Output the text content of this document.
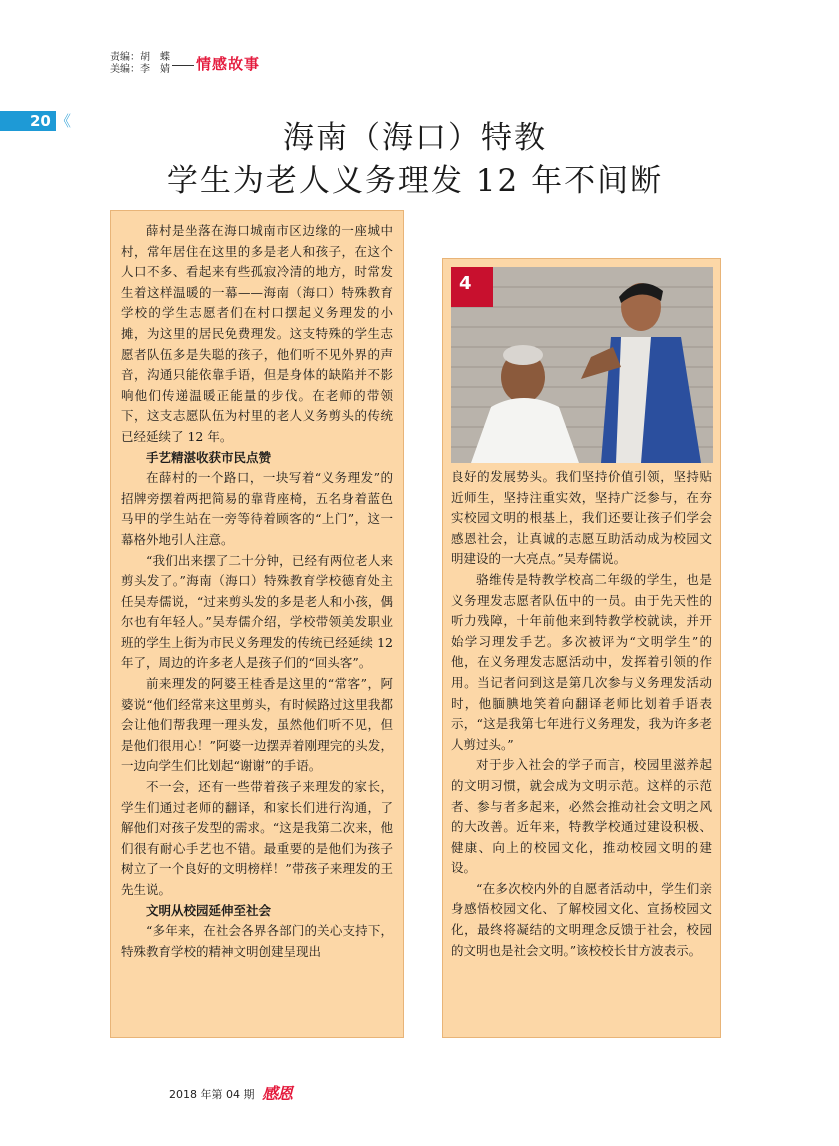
责编：胡　蝶
美编：李　婧 情感故事
20 《	海南（海口）特教
学生为老人义务理发 12 年不间断

薛村是坐落在海口城南市区边缘的一座城中村，常年居住在这里的多是老人和孩子，在这个人口不多、看起来有些孤寂冷清的地方，时常发生着这样温暖的一幕——海南（海口）特殊教育学校的学生志愿者们在村口摆起义务理发的小摊，为这里的居民免费理发。这支特殊的学生志愿者队伍多是失聪的孩子，他们听不见外界的声音，沟通只能依靠手语，但是身体的缺陷并不影响他们传递温暖正能量的步伐。在老师的带领下，这支志愿队伍为村里的老人义务剪头的传统已经延续了 12 年。

手艺精湛收获市民点赞

在薛村的一个路口，一块写着“义务理发”的招牌旁摆着两把简易的靠背座椅，五名身着蓝色马甲的学生站在一旁等待着顾客的“上门”，这一幕格外地引人注意。

“我们出来摆了二十分钟，已经有两位老人来剪头发了。”海南（海口）特殊教育学校德育处主任吴寿儒说，“过来剪头发的多是老人和小孩，偶尔也有年轻人。”吴寿儒介绍，学校带领美发职业班的学生上街为市民义务理发的传统已经延续 12 年了，周边的许多老人是孩子们的“回头客”。

前来理发的阿婆王桂香是这里的“常客”，阿婆说“他们经常来这里剪头，有时候路过这里我都会让他们帮我理一理头发，虽然他们听不见，但是他们很用心！”阿婆一边摆弄着刚理完的头发，一边向学生们比划起“谢谢”的手语。

不一会，还有一些带着孩子来理发的家长，学生们通过老师的翻译，和家长们进行沟通，了解他们对孩子发型的需求。“这是我第二次来，他们很有耐心手艺也不错。最重要的是他们为孩子树立了一个良好的文明榜样！”带孩子来理发的王先生说。

文明从校园延伸至社会

“多年来，在社会各界各部门的关心支持下，特殊教育学校的精神文明创建呈现出

4

良好的发展势头。我们坚持价值引领，坚持贴近师生，坚持注重实效，坚持广泛参与，在夯实校园文明的根基上，我们还要让孩子们学会感恩社会，让真诚的志愿互助活动成为校园文明建设的一大亮点。”吴寿儒说。

骆维传是特教学校高二年级的学生，也是义务理发志愿者队伍中的一员。由于先天性的听力残障，十年前他来到特教学校就读，并开始学习理发手艺。多次被评为“文明学生”的他，在义务理发志愿活动中，发挥着引领的作用。当记者问到这是第几次参与义务理发活动时，他腼腆地笑着向翻译老师比划着手语表示，“这是我第七年进行义务理发，我为许多老人剪过头。”

对于步入社会的学子而言，校园里滋养起的文明习惯，就会成为文明示范。这样的示范者、参与者多起来，必然会推动社会文明之风的大改善。近年来，特教学校通过建设积极、健康、向上的校园文化，推动校园文明的建设。

“在多次校内外的自愿者活动中，学生们亲身感悟校园文化、了解校园文化、宣扬校园文化，最终将凝结的文明理念反馈于社会，校园的文明也是社会文明。”该校校长甘方波表示。

2018 年第 04 期 感恩
